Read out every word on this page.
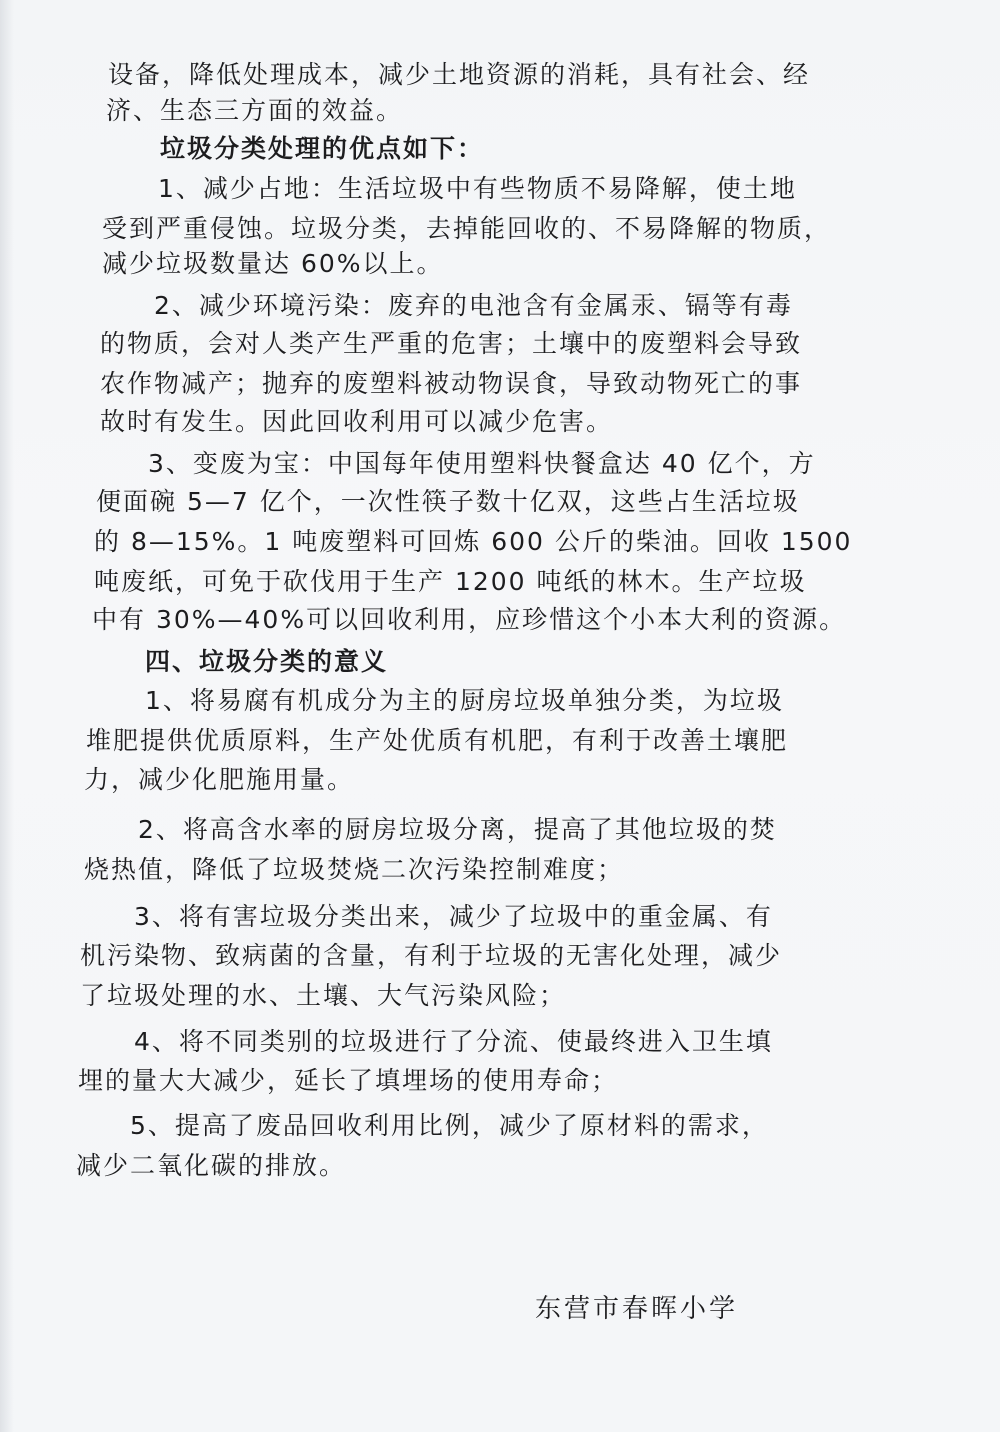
设备，降低处理成本，减少土地资源的消耗，具有社会、经
济、生态三方面的效益。
垃圾分类处理的优点如下：
1、减少占地：生活垃圾中有些物质不易降解，使土地
受到严重侵蚀。垃圾分类，去掉能回收的、不易降解的物质，
减少垃圾数量达 60%以上。
2、减少环境污染：废弃的电池含有金属汞、镉等有毒
的物质，会对人类产生严重的危害；土壤中的废塑料会导致
农作物减产；抛弃的废塑料被动物误食，导致动物死亡的事
故时有发生。因此回收利用可以减少危害。
3、变废为宝：中国每年使用塑料快餐盒达 40 亿个，方
便面碗 5—7 亿个，一次性筷子数十亿双，这些占生活垃圾
的 8—15%。1 吨废塑料可回炼 600 公斤的柴油。回收 1500
吨废纸，可免于砍伐用于生产 1200 吨纸的林木。生产垃圾
中有 30%—40%可以回收利用，应珍惜这个小本大利的资源。
四、垃圾分类的意义
1、将易腐有机成分为主的厨房垃圾单独分类，为垃圾
堆肥提供优质原料，生产处优质有机肥，有利于改善土壤肥
力，减少化肥施用量。
2、将高含水率的厨房垃圾分离，提高了其他垃圾的焚
烧热值，降低了垃圾焚烧二次污染控制难度；
3、将有害垃圾分类出来，减少了垃圾中的重金属、有
机污染物、致病菌的含量，有利于垃圾的无害化处理，减少
了垃圾处理的水、土壤、大气污染风险；
4、将不同类别的垃圾进行了分流、使最终进入卫生填
埋的量大大减少，延长了填埋场的使用寿命；
5、提高了废品回收利用比例，减少了原材料的需求，
减少二氧化碳的排放。
东营市春晖小学
